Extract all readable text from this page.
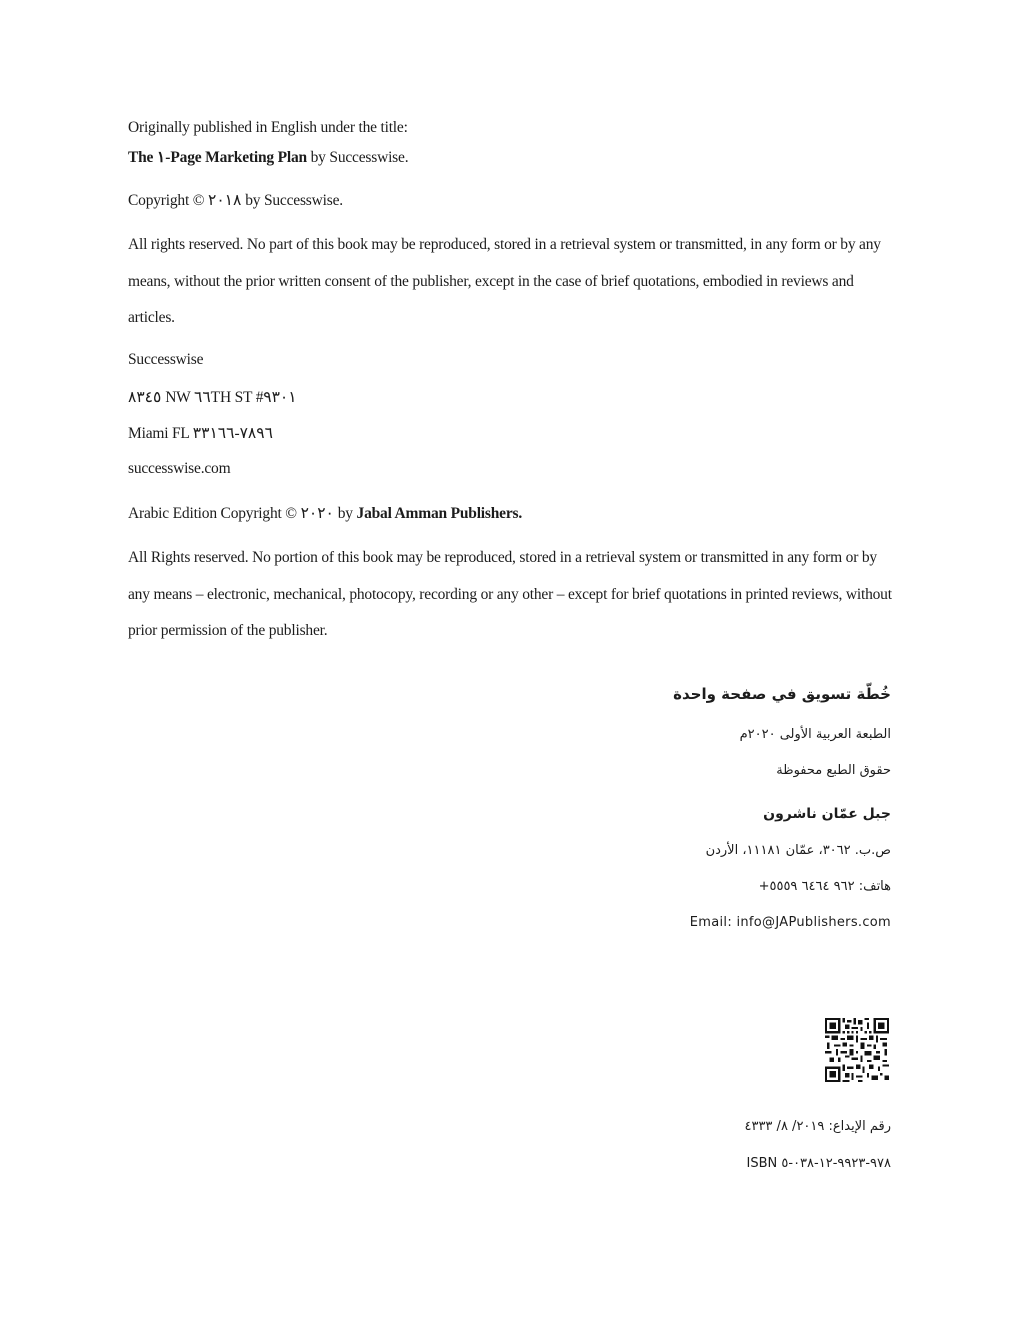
Originally published in English under the title:
The ١-Page Marketing Plan by Successwise.
Copyright © ٢٠١٨ by Successwise.
All rights reserved. No part of this book may be reproduced, stored in a retrieval system or transmitted, in any form or by any means, without the prior written consent of the publisher, except in the case of brief quotations, embodied in reviews and articles.
Successwise
٨٣٤٥ NW ٦٦TH ST #٩٣٠١
Miami FL ٧٨٩٦-٣٣١٦٦
successwise.com
Arabic Edition Copyright © ٢٠٢٠ by Jabal Amman Publishers.
All Rights reserved. No portion of this book may be reproduced, stored in a retrieval system or transmitted in any form or by any means – electronic, mechanical, photocopy, recording or any other – except for brief quotations in printed reviews, without prior permission of the publisher.
خُطّة تسويق في صفحة واحدة
الطبعة العربية الأولى ٢٠٢٠م
حقوق الطبع محفوظة
جبل عمّان ناشرون
ص.ب. ٣٠٦٢، عمّان ١١١٨١، الأردن
هاتف: ٩٦٢ ٦٤٦٤ ٥٥٥٩+
Email: info@JAPublishers.com
رقم الإيداع: ٢٠١٩/ ٨/ ٤٣٣٣
ISBN ٩٧٨-٩٩٢٣-١٢-٠٣٨-٥
